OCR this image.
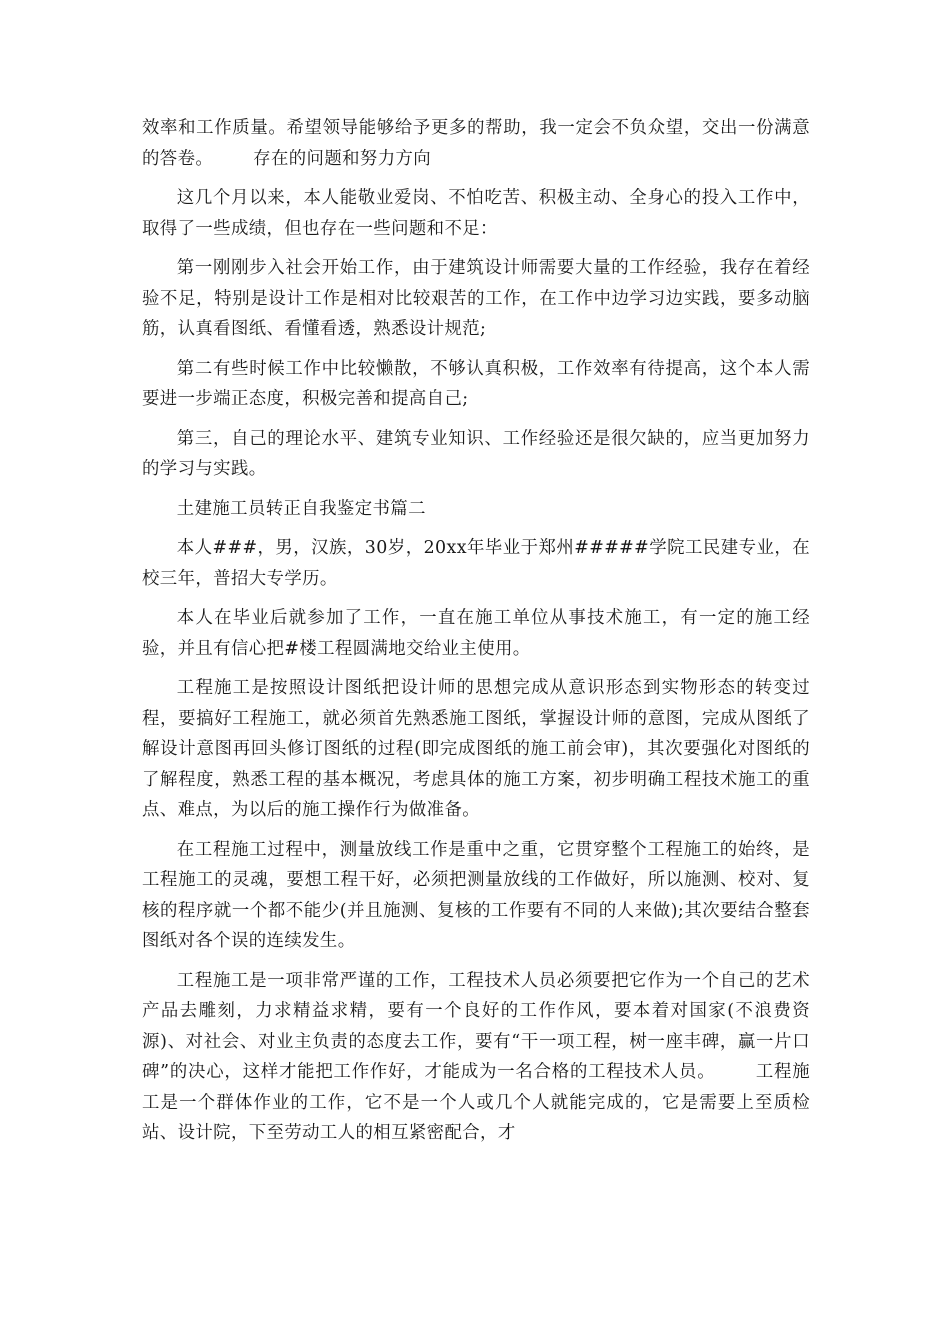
效率和工作质量。希望领导能够给予更多的帮助，我一定会不负众望，交出一份满意的答卷。 存在的问题和努力方向

这几个月以来，本人能敬业爱岗、不怕吃苦、积极主动、全身心的投入工作中，取得了一些成绩，但也存在一些问题和不足：

第一刚刚步入社会开始工作，由于建筑设计师需要大量的工作经验，我存在着经验不足，特别是设计工作是相对比较艰苦的工作，在工作中边学习边实践，要多动脑筋，认真看图纸、看懂看透，熟悉设计规范;

第二有些时候工作中比较懒散，不够认真积极，工作效率有待提高，这个本人需要进一步端正态度，积极完善和提高自己;

第三，自己的理论水平、建筑专业知识、工作经验还是很欠缺的，应当更加努力的学习与实践。

土建施工员转正自我鉴定书篇二

本人###，男，汉族，30岁，20xx年毕业于郑州#####学院工民建专业，在校三年，普招大专学历。

本人在毕业后就参加了工作，一直在施工单位从事技术施工，有一定的施工经验，并且有信心把#楼工程圆满地交给业主使用。

工程施工是按照设计图纸把设计师的思想完成从意识形态到实物形态的转变过程，要搞好工程施工，就必须首先熟悉施工图纸，掌握设计师的意图，完成从图纸了解设计意图再回头修订图纸的过程(即完成图纸的施工前会审)，其次要强化对图纸的了解程度，熟悉工程的基本概况，考虑具体的施工方案，初步明确工程技术施工的重点、难点，为以后的施工操作行为做准备。

在工程施工过程中，测量放线工作是重中之重，它贯穿整个工程施工的始终，是工程施工的灵魂，要想工程干好，必须把测量放线的工作做好，所以施测、校对、复核的程序就一个都不能少(并且施测、复核的工作要有不同的人来做);其次要结合整套图纸对各个误的连续发生。

工程施工是一项非常严谨的工作，工程技术人员必须要把它作为一个自己的艺术产品去雕刻，力求精益求精，要有一个良好的工作作风，要本着对国家(不浪费资源)、对社会、对业主负责的态度去工作，要有“干一项工程，树一座丰碑，赢一片口碑”的决心，这样才能把工作作好，才能成为一名合格的工程技术人员。 工程施工是一个群体作业的工作，它不是一个人或几个人就能完成的，它是需要上至质检站、设计院，下至劳动工人的相互紧密配合，才
